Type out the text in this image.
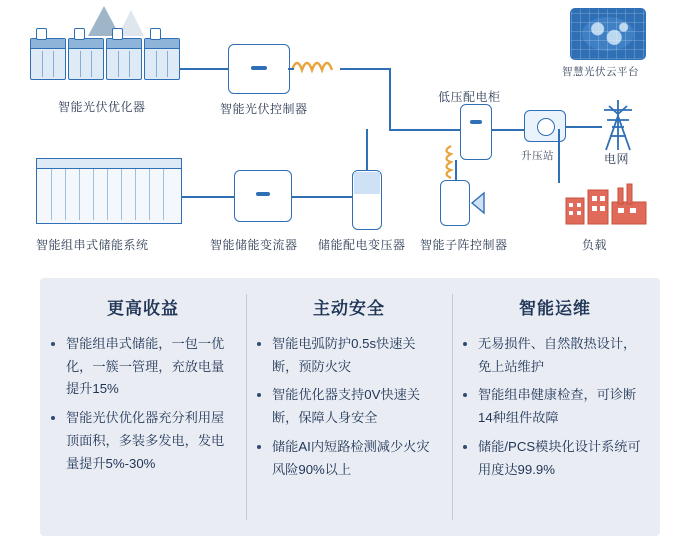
智能光伏优化器	智能光伏控制器
智慧光伏云平台
低压配电柜
升压站	电网
智能组串式储能系统	智能储能变流器 储能配电变压器 智能子阵控制器	负载
更高收益
• 智能组串式储能，一包一优化，一簇一管理，充放电量提升15%
• 智能光伏优化器充分利用屋顶面积，多装多发电，发电量提升5%-30%
主动安全
• 智能电弧防护0.5s快速关断，预防火灾
• 智能优化器支持0V快速关断，保障人身安全
• 储能AI内短路检测减少火灾风险90%以上
智能运维
• 无易损件、自然散热设计，免上站维护
• 智能组串健康检查，可诊断14种组件故障
• 储能/PCS模块化设计系统可用度达99.9%
